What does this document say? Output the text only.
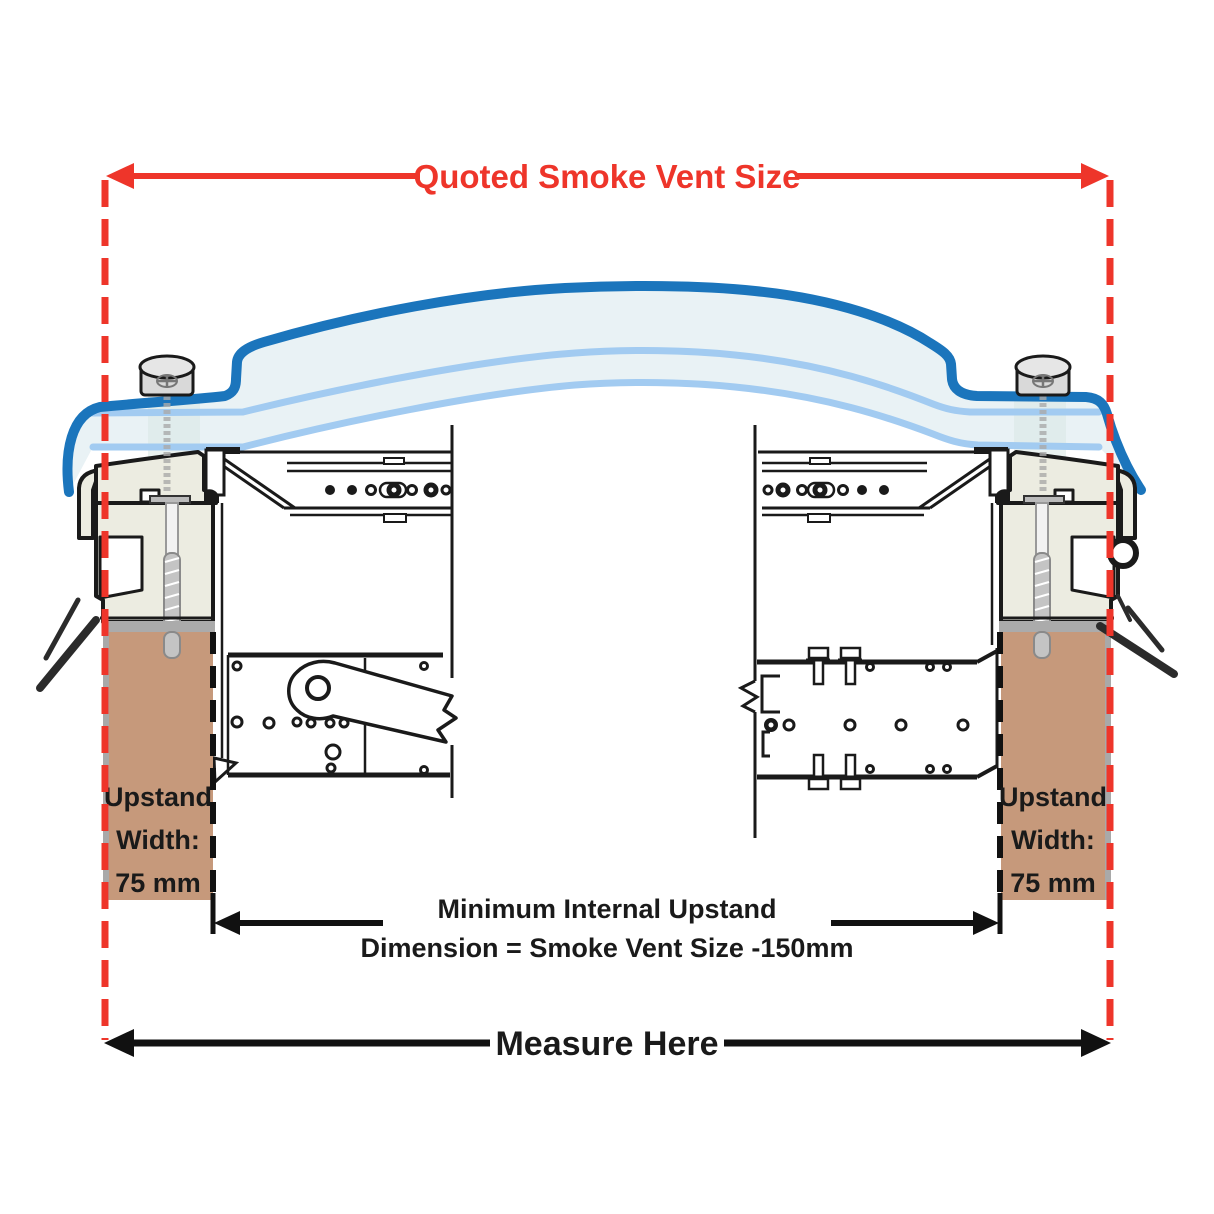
Minimum Internal Upstand
Dimension = Smoke Vent Size -150mm
Upstand
Width:
75 mm
Upstand
Width:
75 mm
Quoted Smoke Vent Size
Measure Here
